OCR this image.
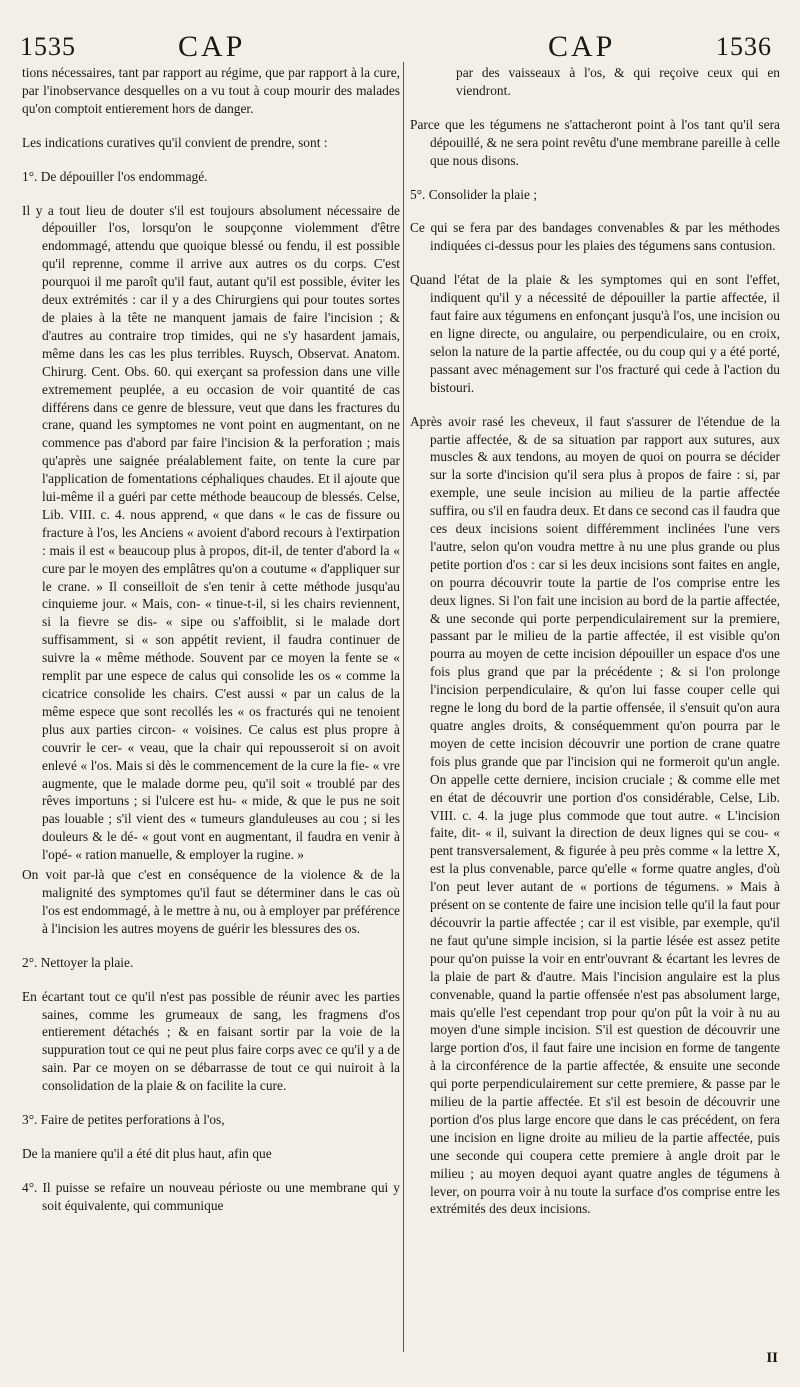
1535	CAP	CAP	1536

tions nécessaires, tant par rapport au régime, que par rapport à la cure, par l'inobservance desquelles on a vu tout à coup mourir des malades qu'on comptoit entierement hors de danger.

Les indications curatives qu'il convient de prendre, sont :

1°. De dépouiller l'os endommagé.

Il y a tout lieu de douter s'il est toujours absolument nécessaire de dépouiller l'os, lorsqu'on le soupçonne violemment d'être endommagé, attendu que quoique blessé ou fendu, il est possible qu'il reprenne, comme il arrive aux autres os du corps. C'est pourquoi il me paroît qu'il faut, autant qu'il est possible, éviter les deux extrémités : car il y a des Chirurgiens qui pour toutes sortes de plaies à la tête ne manquent jamais de faire l'incision ; & d'autres au contraire trop timides, qui ne s'y hasardent jamais, même dans les cas les plus terribles. Ruysch, Observat. Anatom. Chirurg. Cent. Obs. 60. qui exerçant sa profession dans une ville extremement peuplée, a eu occasion de voir quantité de cas différens dans ce genre de blessure, veut que dans les fractures du crane, quand les symptomes ne vont point en augmentant, on ne commence pas d'abord par faire l'incision & la perforation ; mais qu'après une saignée préalablement faite, on tente la cure par l'application de fomentations céphaliques chaudes. Et il ajoute que lui-même il a guéri par cette méthode beaucoup de blessés. Celse, Lib. VIII. c. 4. nous apprend, « que dans « le cas de fissure ou fracture à l'os, les Anciens « avoient d'abord recours à l'extirpation : mais il est « beaucoup plus à propos, dit-il, de tenter d'abord la « cure par le moyen des emplâtres qu'on a coutume « d'appliquer sur le crane. » Il conseilloit de s'en tenir à cette méthode jusqu'au cinquieme jour. « Mais, con- « tinue-t-il, si les chairs reviennent, si la fievre se dis- « sipe ou s'affoiblit, si le malade dort suffisamment, si « son appétit revient, il faudra continuer de suivre la « même méthode. Souvent par ce moyen la fente se « remplit par une espece de calus qui consolide les os « comme la cicatrice consolide les chairs. C'est aussi « par un calus de la même espece que sont recollés les « os fracturés qui ne tenoient plus aux parties circon- « voisines. Ce calus est plus propre à couvrir le cer- « veau, que la chair qui repousseroit si on avoit enlevé « l'os. Mais si dès le commencement de la cure la fie- « vre augmente, que le malade dorme peu, qu'il soit « troublé par des rêves importuns ; si l'ulcere est hu- « mide, & que le pus ne soit pas louable ; s'il vient des « tumeurs glanduleuses au cou ; si les douleurs & le dé- « gout vont en augmentant, il faudra en venir à l'opé- « ration manuelle, & employer la rugine. »

On voit par-là que c'est en conséquence de la violence & de la malignité des symptomes qu'il faut se déterminer dans le cas où l'os est endommagé, à le mettre à nu, ou à employer par préférence à l'incision les autres moyens de guérir les blessures des os.

2°. Nettoyer la plaie.

En écartant tout ce qu'il n'est pas possible de réunir avec les parties saines, comme les grumeaux de sang, les fragmens d'os entierement détachés ; & en faisant sortir par la voie de la suppuration tout ce qui ne peut plus faire corps avec ce qu'il y a de sain. Par ce moyen on se débarrasse de tout ce qui nuiroit à la consolidation de la plaie & on facilite la cure.

3°. Faire de petites perforations à l'os,

De la maniere qu'il a été dit plus haut, afin que

4°. Il puisse se refaire un nouveau périoste ou une membrane qui y soit équivalente, qui communique

par des vaisseaux à l'os, & qui reçoive ceux qui en viendront.

Parce que les tégumens ne s'attacheront point à l'os tant qu'il sera dépouillé, & ne sera point revêtu d'une membrane pareille à celle que nous disons.

5°. Consolider la plaie ;

Ce qui se fera par des bandages convenables & par les méthodes indiquées ci-dessus pour les plaies des tégumens sans contusion.

Quand l'état de la plaie & les symptomes qui en sont l'effet, indiquent qu'il y a nécessité de dépouiller la partie affectée, il faut faire aux tégumens en enfonçant jusqu'à l'os, une incision ou en ligne directe, ou angulaire, ou perpendiculaire, ou en croix, selon la nature de la partie affectée, ou du coup qui y a été porté, passant avec ménagement sur l'os fracturé qui cede à l'action du bistouri.

Après avoir rasé les cheveux, il faut s'assurer de l'étendue de la partie affectée, & de sa situation par rapport aux sutures, aux muscles & aux tendons, au moyen de quoi on pourra se décider sur la sorte d'incision qu'il sera plus à propos de faire : si, par exemple, une seule incision au milieu de la partie affectée suffira, ou s'il en faudra deux. Et dans ce second cas il faudra que ces deux incisions soient différemment inclinées l'une vers l'autre, selon qu'on voudra mettre à nu une plus grande ou plus petite portion d'os : car si les deux incisions sont faites en angle, on pourra découvrir toute la partie de l'os comprise entre les deux lignes. Si l'on fait une incision au bord de la partie affectée, & une seconde qui porte perpendiculairement sur la premiere, passant par le milieu de la partie affectée, il est visible qu'on pourra au moyen de cette incision dépouiller un espace d'os une fois plus grand que par la précédente ; & si l'on prolonge l'incision perpendiculaire, & qu'on lui fasse couper celle qui regne le long du bord de la partie offensée, il s'ensuit qu'on aura quatre angles droits, & conséquemment qu'on pourra par le moyen de cette incision découvrir une portion de crane quatre fois plus grande que par l'incision qui ne formeroit qu'un angle. On appelle cette derniere, incision cruciale ; & comme elle met en état de découvrir une portion d'os considérable, Celse, Lib. VIII. c. 4. la juge plus commode que tout autre. « L'incision faite, dit- « il, suivant la direction de deux lignes qui se cou- « pent transversalement, & figurée à peu près comme « la lettre X, est la plus convenable, parce qu'elle « forme quatre angles, d'où l'on peut lever autant de « portions de tégumens. » Mais à présent on se contente de faire une incision telle qu'il la faut pour découvrir la partie affectée ; car il est visible, par exemple, qu'il ne faut qu'une simple incision, si la partie lésée est assez petite pour qu'on puisse la voir en entr'ouvrant & écartant les levres de la plaie de part & d'autre. Mais l'incision angulaire est la plus convenable, quand la partie offensée n'est pas absolument large, mais qu'elle l'est cependant trop pour qu'on pût la voir à nu au moyen d'une simple incision. S'il est question de découvrir une large portion d'os, il faut faire une incision en forme de tangente à la circonférence de la partie affectée, & ensuite une seconde qui porte perpendiculairement sur cette premiere, & passe par le milieu de la partie affectée. Et s'il est besoin de découvrir une portion d'os plus large encore que dans le cas précédent, on fera une incision en ligne droite au milieu de la partie affectée, puis une seconde qui coupera cette premiere à angle droit par le milieu ; au moyen dequoi ayant quatre angles de tégumens à lever, on pourra voir à nu toute la surface d'os comprise entre les extrémités des deux incisions.

II
